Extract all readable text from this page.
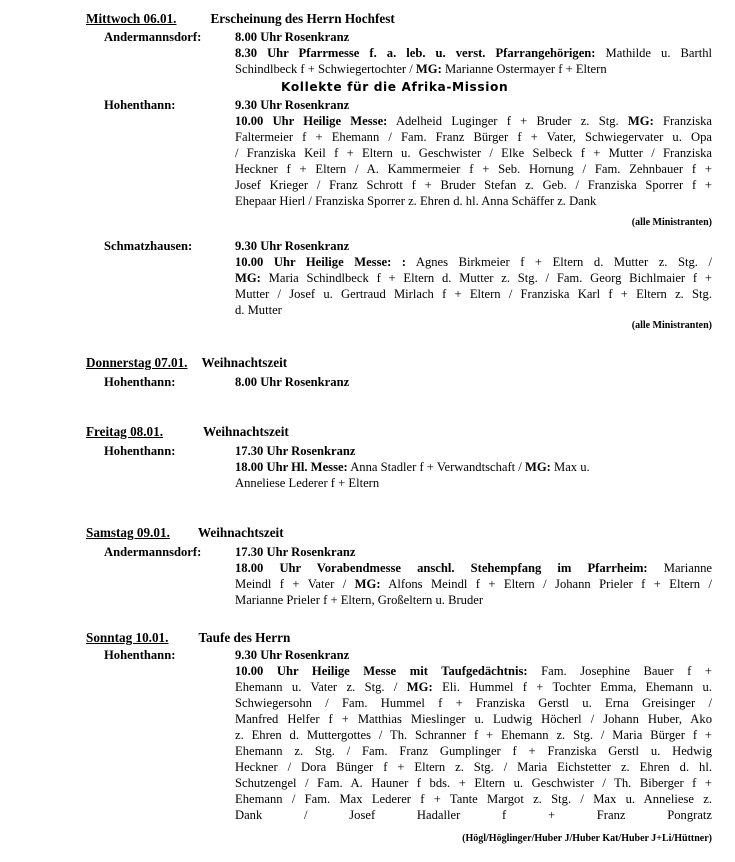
Mittwoch 06.01.	Erscheinung des Herrn Hochfest
Andermannsdorf:	8.00 Uhr Rosenkranz
8.30 Uhr Pfarrmesse f. a. leb. u. verst. Pfarrangehörigen: Mathilde u. Barthl
Schindlbeck f + Schwiegertochter / MG: Marianne Ostermayer f + Eltern
Kollekte für die Afrika-Mission
Hohenthann:	9.30 Uhr Rosenkranz
10.00 Uhr Heilige Messe: Adelheid Luginger f + Bruder z. Stg. MG: Franziska
Faltermeier f + Ehemann / Fam. Franz Bürger f + Vater, Schwiegervater u. Opa
/ Franziska Keil f + Eltern u. Geschwister / Elke Selbeck f + Mutter / Franziska
Heckner f + Eltern / A. Kammermeier f + Seb. Hornung / Fam. Zehnbauer f +
Josef Krieger / Franz Schrott f + Bruder Stefan z. Geb. / Franziska Sporrer f +
Ehepaar Hierl / Franziska Sporrer z. Ehren d. hl. Anna Schäffer z. Dank
(alle Ministranten)
Schmatzhausen:	9.30 Uhr Rosenkranz
10.00 Uhr Heilige Messe: : Agnes Birkmeier f + Eltern d. Mutter z. Stg. /
MG: Maria Schindlbeck f + Eltern d. Mutter z. Stg. / Fam. Georg Bichlmaier f +
Mutter / Josef u. Gertraud Mirlach f + Eltern / Franziska Karl f + Eltern z. Stg.
d. Mutter
(alle Ministranten)
Donnerstag 07.01. Weihnachtszeit
Hohenthann:	8.00 Uhr Rosenkranz
Freitag 08.01.	Weihnachtszeit
Hohenthann:	17.30 Uhr Rosenkranz
18.00 Uhr Hl. Messe: Anna Stadler f + Verwandtschaft / MG: Max u.
Anneliese Lederer f + Eltern
Samstag 09.01. Weihnachtszeit
Andermannsdorf:	17.30 Uhr Rosenkranz
18.00 Uhr Vorabendmesse anschl. Stehempfang im Pfarrheim: Marianne
Meindl f + Vater / MG: Alfons Meindl f + Eltern / Johann Prieler f + Eltern /
Marianne Prieler f + Eltern, Großeltern u. Bruder
Sonntag 10.01. Taufe des Herrn
Hohenthann:	9.30 Uhr Rosenkranz
10.00 Uhr Heilige Messe mit Taufgedächtnis: Fam. Josephine Bauer f +
Ehemann u. Vater z. Stg. / MG: Eli. Hummel f + Tochter Emma, Ehemann u.
Schwiegersohn / Fam. Hummel f + Franziska Gerstl u. Erna Greisinger /
Manfred Helfer f + Matthias Mieslinger u. Ludwig Höcherl / Johann Huber, Ako
z. Ehren d. Muttergottes / Th. Schranner f + Ehemann z. Stg. / Maria Bürger f +
Ehemann z. Stg. / Fam. Franz Gumplinger f + Franziska Gerstl u. Hedwig
Heckner / Dora Bünger f + Eltern z. Stg. / Maria Eichstetter z. Ehren d. hl.
Schutzengel / Fam. A. Hauner f bds. + Eltern u. Geschwister / Th. Biberger f +
Ehemann / Fam. Max Lederer f + Tante Margot z. Stg. / Max u. Anneliese z.
Dank / Josef Hadaller f + Franz Pongratz
(Högl/Höglinger/Huber J/Huber Kat/Huber J+Li/Hüttner)
